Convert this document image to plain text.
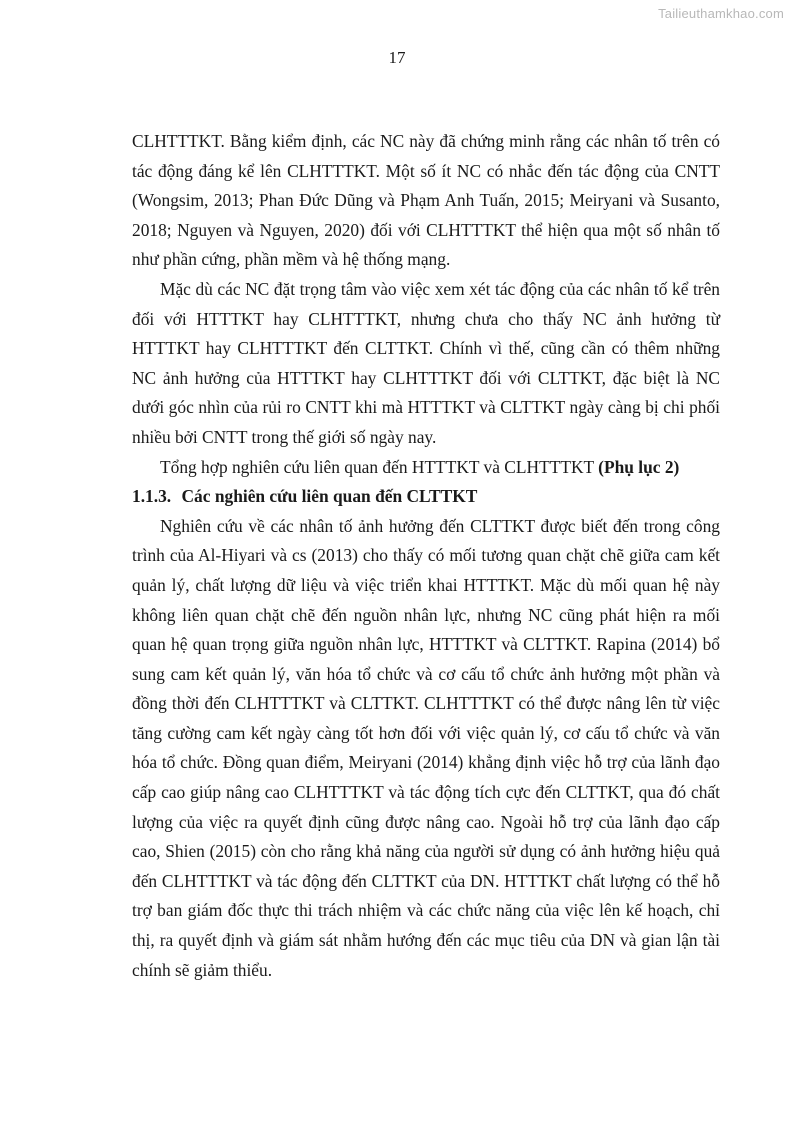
Tailieuthamkhao.com
17

CLHTTTKT. Bằng kiểm định, các NC này đã chứng minh rằng các nhân tố trên có tác động đáng kể lên CLHTTTKT. Một số ít NC có nhắc đến tác động của CNTT (Wongsim, 2013; Phan Đức Dũng và Phạm Anh Tuấn, 2015; Meiryani và Susanto, 2018; Nguyen và Nguyen, 2020) đối với CLHTTTKT thể hiện qua một số nhân tố như phần cứng, phần mềm và hệ thống mạng.

Mặc dù các NC đặt trọng tâm vào việc xem xét tác động của các nhân tố kể trên đối với HTTTKT hay CLHTTTKT, nhưng chưa cho thấy NC ảnh hưởng từ HTTTKT hay CLHTTTKT đến CLTTKT. Chính vì thế, cũng cần có thêm những NC ảnh hưởng của HTTTKT hay CLHTTTKT đối với CLTTKT, đặc biệt là NC dưới góc nhìn của rủi ro CNTT khi mà HTTTKT và CLTTKT ngày càng bị chi phối nhiều bởi CNTT trong thế giới số ngày nay.

Tổng hợp nghiên cứu liên quan đến HTTTKT và CLHTTTKT (Phụ lục 2)

1.1.3. Các nghiên cứu liên quan đến CLTTKT

Nghiên cứu về các nhân tố ảnh hưởng đến CLTTKT được biết đến trong công trình của Al-Hiyari và cs (2013) cho thấy có mối tương quan chặt chẽ giữa cam kết quản lý, chất lượng dữ liệu và việc triển khai HTTTKT. Mặc dù mối quan hệ này không liên quan chặt chẽ đến nguồn nhân lực, nhưng NC cũng phát hiện ra mối quan hệ quan trọng giữa nguồn nhân lực, HTTTKT và CLTTKT. Rapina (2014) bổ sung cam kết quản lý, văn hóa tổ chức và cơ cấu tổ chức ảnh hưởng một phần và đồng thời đến CLHTTTKT và CLTTKT. CLHTTTKT có thể được nâng lên từ việc tăng cường cam kết ngày càng tốt hơn đối với việc quản lý, cơ cấu tổ chức và văn hóa tổ chức. Đồng quan điểm, Meiryani (2014) khẳng định việc hỗ trợ của lãnh đạo cấp cao giúp nâng cao CLHTTTKT và tác động tích cực đến CLTTKT, qua đó chất lượng của việc ra quyết định cũng được nâng cao. Ngoài hỗ trợ của lãnh đạo cấp cao, Shien (2015) còn cho rằng khả năng của người sử dụng có ảnh hưởng hiệu quả đến CLHTTTKT và tác động đến CLTTKT của DN. HTTTKT chất lượng có thể hỗ trợ ban giám đốc thực thi trách nhiệm và các chức năng của việc lên kế hoạch, chỉ thị, ra quyết định và giám sát nhằm hướng đến các mục tiêu của DN và gian lận tài chính sẽ giảm thiểu.
